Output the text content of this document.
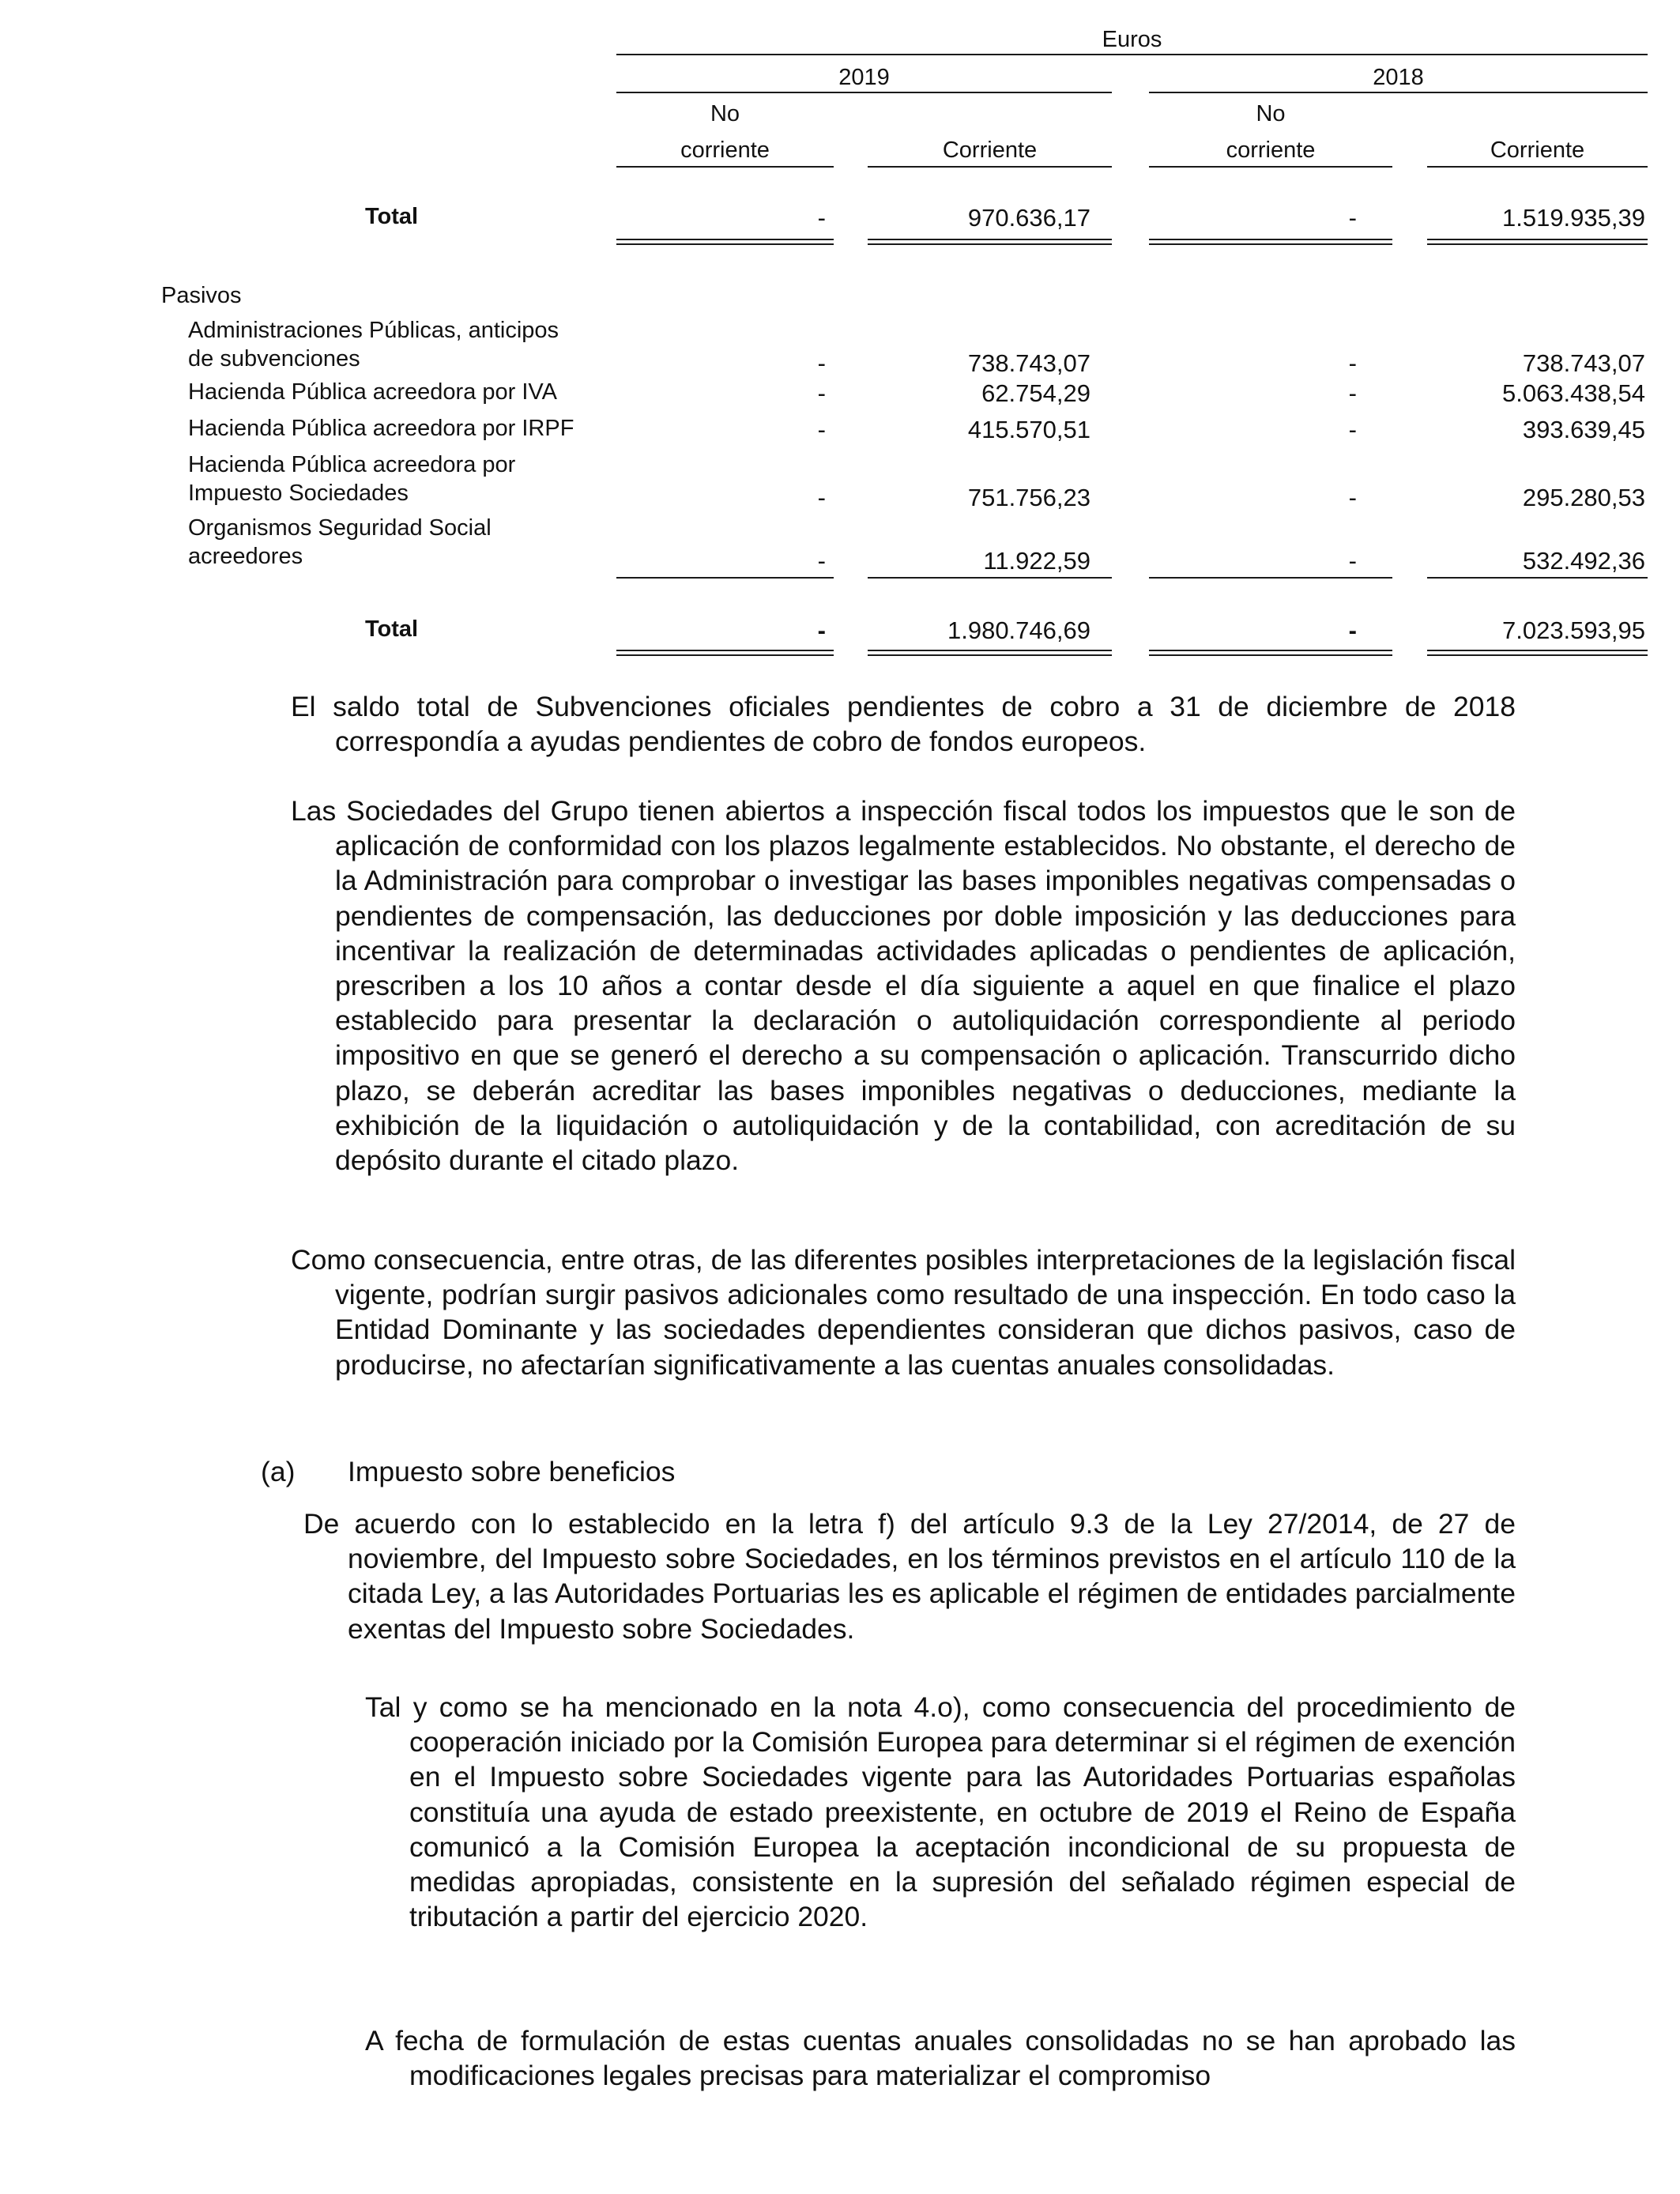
Euros
2019	2018
No
corriente	Corriente
No
corriente	Corriente
Total	-	970.636,17	-	1.519.935,39
Pasivos
Administraciones Públicas, anticipos
de subvenciones	-	738.743,07	-	738.743,07
Hacienda Pública acreedora por IVA	-	62.754,29	-	5.063.438,54
Hacienda Pública acreedora por IRPF	-	415.570,51	-	393.639,45
Hacienda Pública acreedora por
Impuesto Sociedades	-	751.756,23	-	295.280,53
Organismos Seguridad Social
acreedores	-	11.922,59	-	532.492,36
Total	-	1.980.746,69	-	7.023.593,95

El saldo total de Subvenciones oficiales pendientes de cobro a 31 de diciembre de 2018 correspondía a ayudas pendientes de cobro de fondos europeos.

Las Sociedades del Grupo tienen abiertos a inspección fiscal todos los impuestos que le son de aplicación de conformidad con los plazos legalmente establecidos. No obstante, el derecho de la Administración para comprobar o investigar las bases imponibles negativas compensadas o pendientes de compensación, las deducciones por doble imposición y las deducciones para incentivar la realización de determinadas actividades aplicadas o pendientes de aplicación, prescriben a los 10 años a contar desde el día siguiente a aquel en que finalice el plazo establecido para presentar la declaración o autoliquidación correspondiente al periodo impositivo en que se generó el derecho a su compensación o aplicación. Transcurrido dicho plazo, se deberán acreditar las bases imponibles negativas o deducciones, mediante la exhibición de la liquidación o autoliquidación y de la contabilidad, con acreditación de su depósito durante el citado plazo.

Como consecuencia, entre otras, de las diferentes posibles interpretaciones de la legislación fiscal vigente, podrían surgir pasivos adicionales como resultado de una inspección. En todo caso la Entidad Dominante y las sociedades dependientes consideran que dichos pasivos, caso de producirse, no afectarían significativamente a las cuentas anuales consolidadas.

(a) Impuesto sobre beneficios

De acuerdo con lo establecido en la letra f) del artículo 9.3 de la Ley 27/2014, de 27 de noviembre, del Impuesto sobre Sociedades, en los términos previstos en el artículo 110 de la citada Ley, a las Autoridades Portuarias les es aplicable el régimen de entidades parcialmente exentas del Impuesto sobre Sociedades.

Tal y como se ha mencionado en la nota 4.o), como consecuencia del procedimiento de cooperación iniciado por la Comisión Europea para determinar si el régimen de exención en el Impuesto sobre Sociedades vigente para las Autoridades Portuarias españolas constituía una ayuda de estado preexistente, en octubre de 2019 el Reino de España comunicó a la Comisión Europea la aceptación incondicional de su propuesta de medidas apropiadas, consistente en la supresión del señalado régimen especial de tributación a partir del ejercicio 2020.

A fecha de formulación de estas cuentas anuales consolidadas no se han aprobado las modificaciones legales precisas para materializar el compromiso
